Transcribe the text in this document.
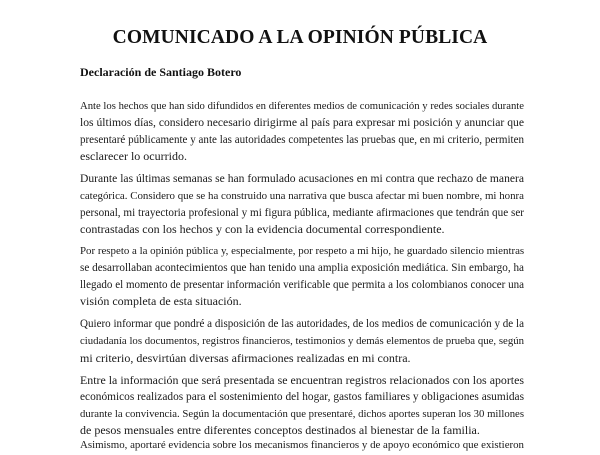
COMUNICADO A LA OPINIÓN PÚBLICA

Declaración de Santiago Botero

Ante los hechos que han sido difundidos en diferentes medios de comunicación y redes sociales durante
los últimos días, considero necesario dirigirme al país para expresar mi posición y anunciar que
presentaré públicamente y ante las autoridades competentes las pruebas que, en mi criterio, permiten
esclarecer lo ocurrido.

Durante las últimas semanas se han formulado acusaciones en mi contra que rechazo de manera
categórica. Considero que se ha construido una narrativa que busca afectar mi buen nombre, mi honra
personal, mi trayectoria profesional y mi figura pública, mediante afirmaciones que tendrán que ser
contrastadas con los hechos y con la evidencia documental correspondiente.

Por respeto a la opinión pública y, especialmente, por respeto a mi hijo, he guardado silencio mientras
se desarrollaban acontecimientos que han tenido una amplia exposición mediática. Sin embargo, ha
llegado el momento de presentar información verificable que permita a los colombianos conocer una
visión completa de esta situación.

Quiero informar que pondré a disposición de las autoridades, de los medios de comunicación y de la
ciudadanía los documentos, registros financieros, testimonios y demás elementos de prueba que, según
mi criterio, desvirtúan diversas afirmaciones realizadas en mi contra.

Entre la información que será presentada se encuentran registros relacionados con los aportes
económicos realizados para el sostenimiento del hogar, gastos familiares y obligaciones asumidas
durante la convivencia. Según la documentación que presentaré, dichos aportes superan los 30 millones
de pesos mensuales entre diferentes conceptos destinados al bienestar de la familia.

Asimismo, aportaré evidencia sobre los mecanismos financieros y de apoyo económico que existieron
